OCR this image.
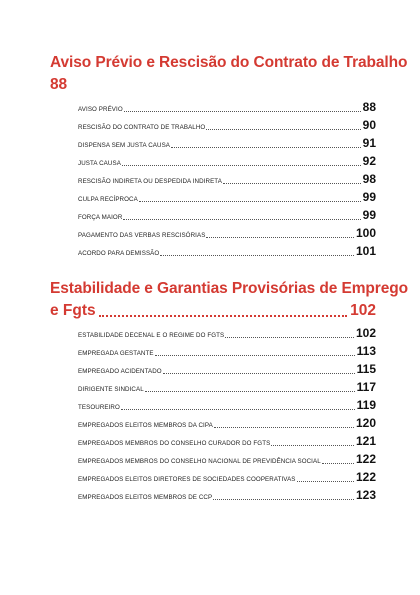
Aviso Prévio e Rescisão do Contrato de Trabalho
88
AVISO PRÉVIO	88
RESCISÃO DO CONTRATO DE TRABALHO	90
DISPENSA SEM JUSTA CAUSA	91
JUSTA CAUSA	92
RESCISÃO INDIRETA OU DESPEDIDA INDIRETA	98
CULPA RECÍPROCA	99
FORÇA MAIOR	99
PAGAMENTO DAS VERBAS RESCISÓRIAS	100
ACORDO PARA DEMISSÃO	101
Estabilidade e Garantias Provisórias de Emprego
e Fgts	102
ESTABILIDADE DECENAL E O REGIME DO FGTS	102
EMPREGADA GESTANTE	113
EMPREGADO ACIDENTADO	115
DIRIGENTE SINDICAL	117
TESOUREIRO	119
EMPREGADOS ELEITOS MEMBROS DA CIPA	120
EMPREGADOS MEMBROS DO CONSELHO CURADOR DO FGTS	121
EMPREGADOS MEMBROS DO CONSELHO NACIONAL DE PREVIDÊNCIA SOCIAL	122
EMPREGADOS ELEITOS DIRETORES DE SOCIEDADES COOPERATIVAS	122
EMPREGADOS ELEITOS MEMBROS DE CCP	123
